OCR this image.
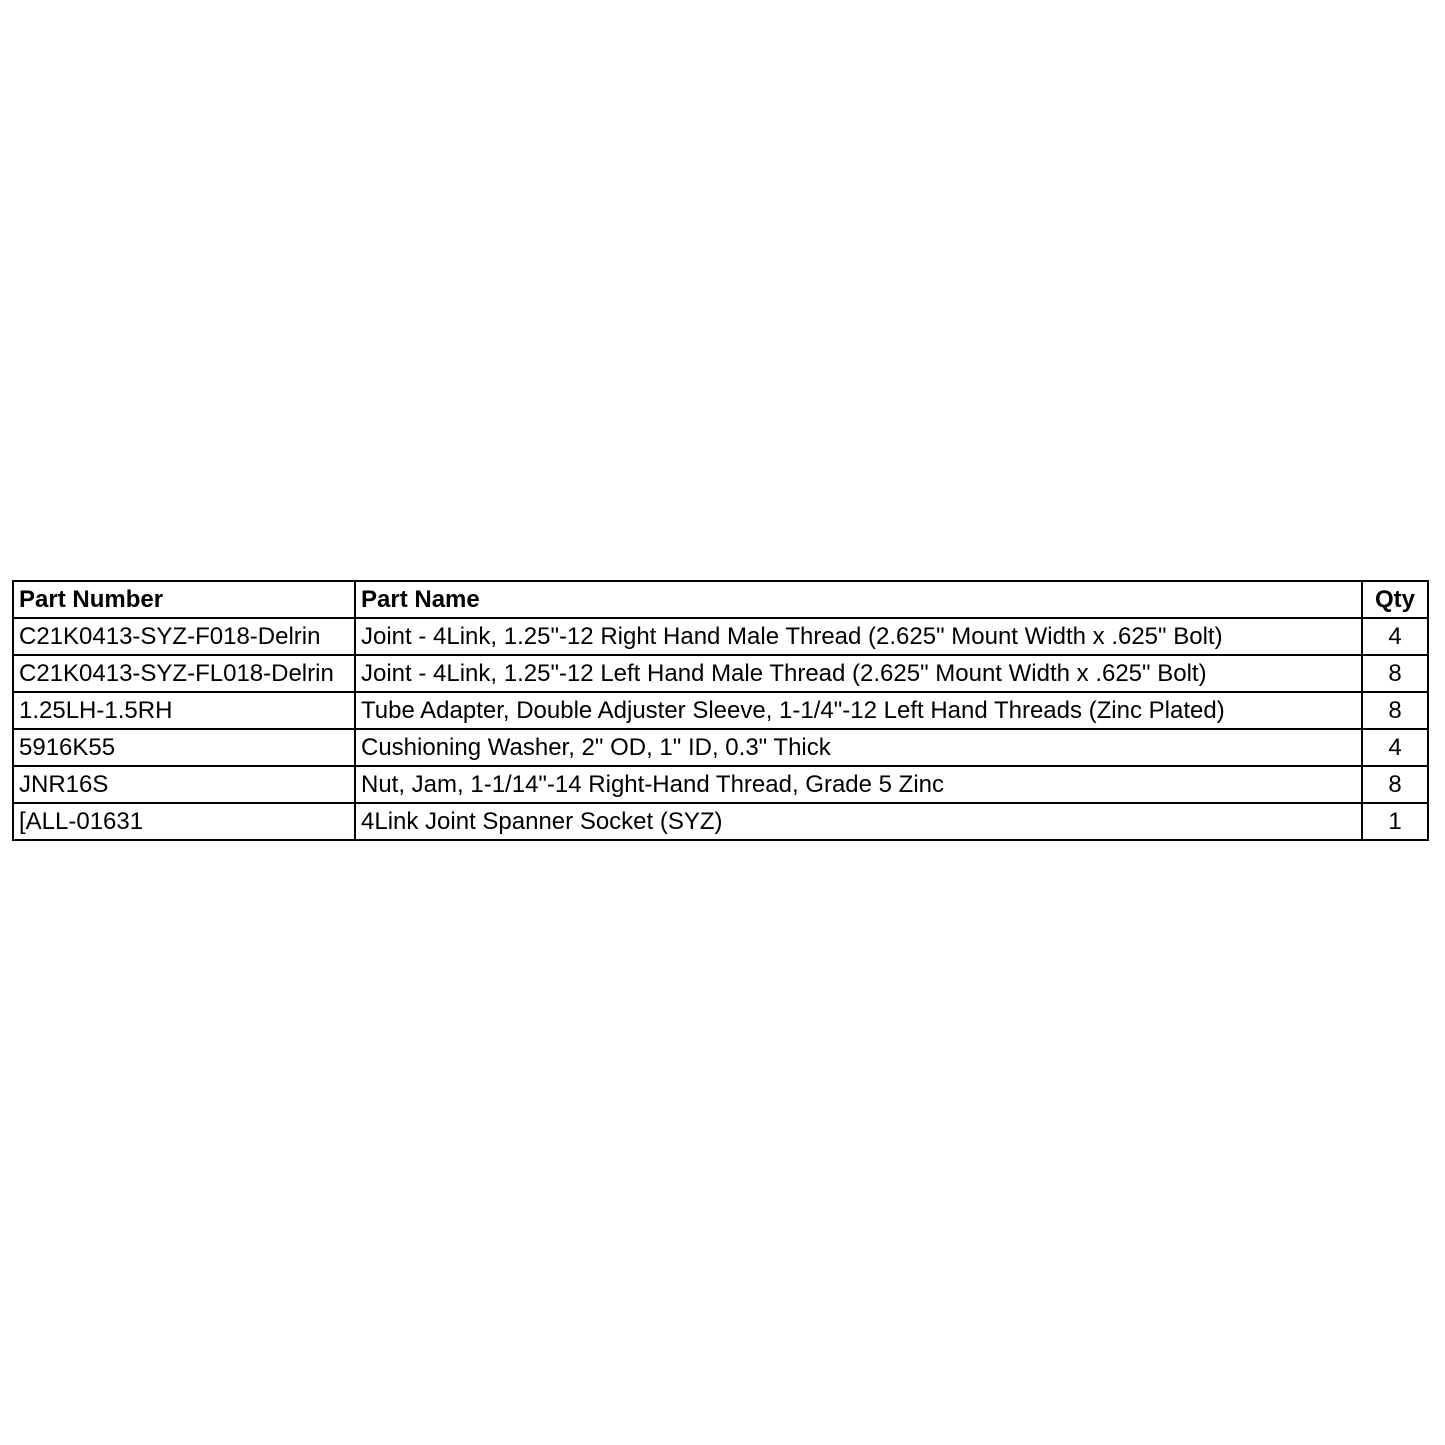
Part Number	Part Name	Qty
C21K0413-SYZ-F018-Delrin	Joint - 4Link, 1.25"-12 Right Hand Male Thread (2.625" Mount Width x .625" Bolt)	4
C21K0413-SYZ-FL018-Delrin	Joint - 4Link, 1.25"-12 Left Hand Male Thread (2.625" Mount Width x .625" Bolt)	8
1.25LH-1.5RH	Tube Adapter, Double Adjuster Sleeve, 1-1/4"-12 Left Hand Threads (Zinc Plated)	8
5916K55	Cushioning Washer, 2" OD, 1" ID, 0.3" Thick	4
JNR16S	Nut, Jam, 1-1/14"-14 Right-Hand Thread, Grade 5 Zinc	8
[ALL-01631	4Link Joint Spanner Socket (SYZ)	1
